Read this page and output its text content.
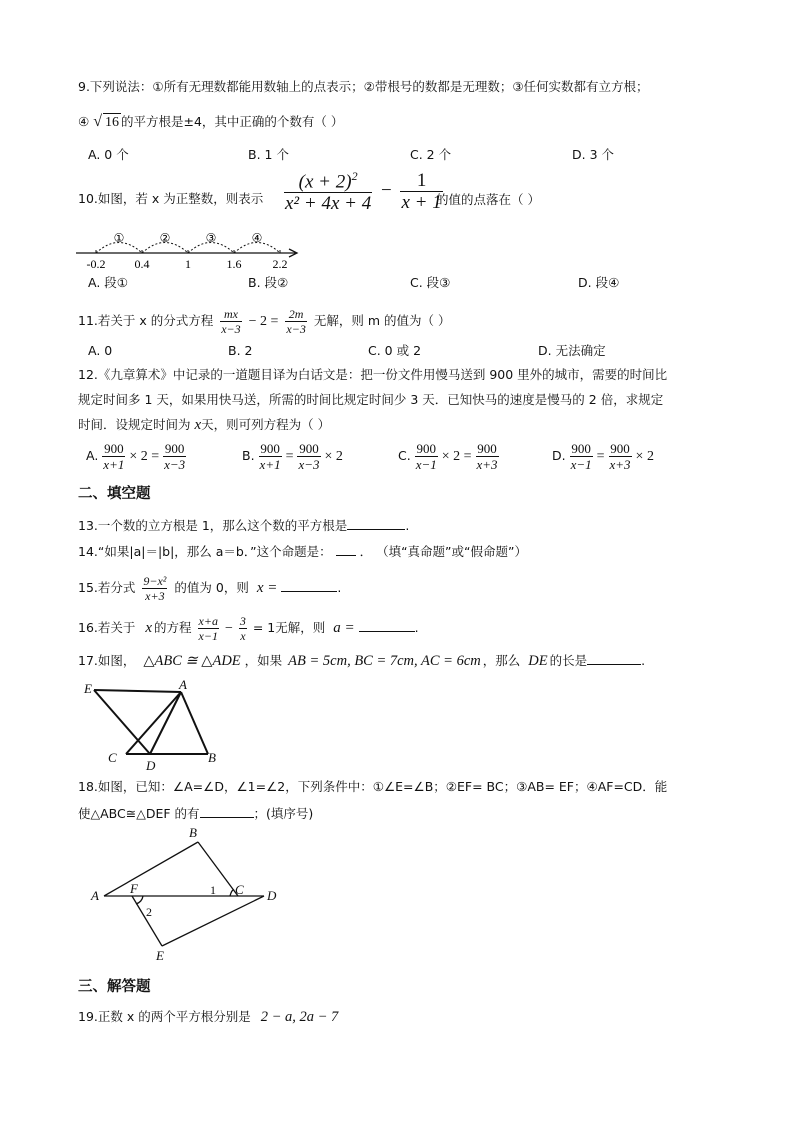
9.下列说法：①所有无理数都能用数轴上的点表示；②带根号的数都是无理数；③任何实数都有立方根；
④ √ 16 的平方根是±4，其中正确的个数有（ ）
A. 0 个	B. 1 个	C. 2 个	D. 3 个
10.如图，若 x 为正整数，则表示 $\frac{(x + 2)^2}{\text{x² + 4x + 4}} - \frac{1}{x + 1}$
的值的点落在（ ）
①	②	③	④
-0.2 0.4	1	1.6	2.2
A. 段①	B. 段②	C. 段③	D. 段④
11.若关于 x 的分式方程 $\frac{mx}{x-3} - 2 = \frac{2m}{x-3}$ 无解，则 m 的值为（ ）
A. 0	B. 2	C. 0 或 2	D. 无法确定
12.《九章算术》中记录的一道题目译为白话文是：把一份文件用慢马送到 900 里外的城市，需要的时间比
规定时间多 1 天，如果用快马送，所需的时间比规定时间少 3 天．已知快马的速度是慢马的 2 倍，求规定
时间．设规定时间为 x天，则可列方程为（ ）
A. $\frac{900}{x+1} \times 2 = \frac{900}{x-3}$	B. $\frac{900}{x+1} = \frac{900}{x-3} \times 2$	C. $\frac{900}{x-1} \times 2 = \frac{900}{x+3}$	D. $\frac{900}{x-1} = \frac{900}{x+3} \times 2$
二、填空题
13.一个数的立方根是 1，那么这个数的平方根是	.
14.“如果|a|＝|b|，那么 a＝b．”这个命题是： ． （填“真命题”或“假命题”）
15.若分式 $\frac{\text{9−x²}}{x+3}$ 的值为 0，则 x =	.
16.若关于 x 的方程 $\frac{x+a}{x-1} - \frac{3}{x} = 1$无解，则 a =	.
17.如图， △ABC ≅ △ADE ，如果 AB = 5cm, BC = 7cm, AC = 6cm ，那么 DE 的长是	.
E	A
C
D
B
18.如图，已知：∠A=∠D，∠1=∠2，下列条件中：①∠E=∠B；②EF= BC；③AB= EF；④AF=CD．能
使△ABC≅△DEF 的有	；(填序号)
A
B
C D
E
F	1
2
三、解答题
19.正数 x 的两个平方根分别是 2 − a, 2a − 7
